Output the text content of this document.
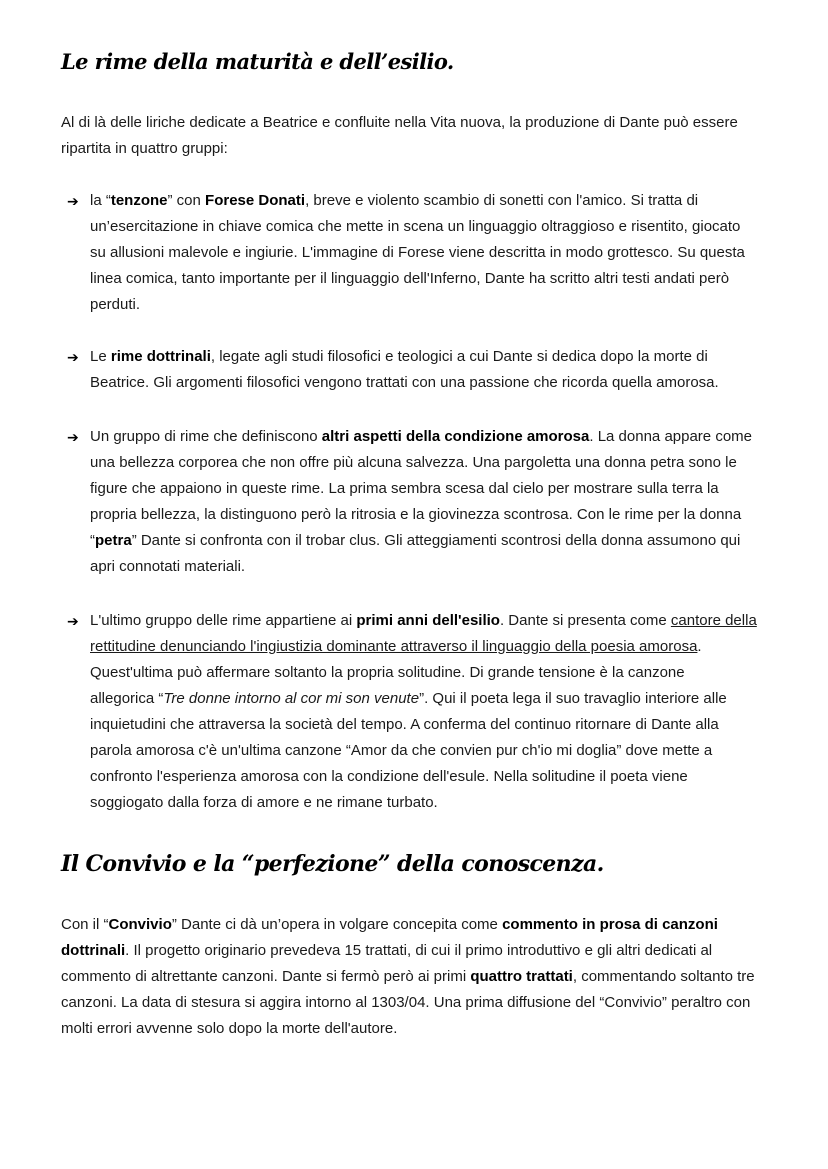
Le rime della maturità e dell’esilio.

Al di là delle liriche dedicate a Beatrice e confluite nella Vita nuova, la produzione di Dante può essere
ripartita in quattro gruppi:

➔ la “tenzone” con Forese Donati, breve e violento scambio di sonetti con l'amico. Si tratta di
un’esercitazione in chiave comica che mette in scena un linguaggio oltraggioso e risentito, giocato
su allusioni malevole e ingiurie. L'immagine di Forese viene descritta in modo grottesco. Su questa
linea comica, tanto importante per il linguaggio dell'Inferno, Dante ha scritto altri testi andati però
perduti.

➔ Le rime dottrinali, legate agli studi filosofici e teologici a cui Dante si dedica dopo la morte di
Beatrice. Gli argomenti filosofici vengono trattati con una passione che ricorda quella amorosa.

➔ Un gruppo di rime che definiscono altri aspetti della condizione amorosa. La donna appare come
una bellezza corporea che non offre più alcuna salvezza. Una pargoletta una donna petra sono le
figure che appaiono in queste rime. La prima sembra scesa dal cielo per mostrare sulla terra la
propria bellezza, la distinguono però la ritrosia e la giovinezza scontrosa. Con le rime per la donna
“petra” Dante si confronta con il trobar clus. Gli atteggiamenti scontrosi della donna assumono qui
apri connotati materiali.

➔ L'ultimo gruppo delle rime appartiene ai primi anni dell'esilio. Dante si presenta come cantore della
rettitudine denunciando l'ingiustizia dominante attraverso il linguaggio della poesia amorosa.
Quest'ultima può affermare soltanto la propria solitudine. Di grande tensione è la canzone
allegorica “Tre donne intorno al cor mi son venute”. Qui il poeta lega il suo travaglio interiore alle
inquietudini che attraversa la società del tempo. A conferma del continuo ritornare di Dante alla
parola amorosa c'è un'ultima canzone “Amor da che convien pur ch'io mi doglia” dove mette a
confronto l'esperienza amorosa con la condizione dell'esule. Nella solitudine il poeta viene
soggiogato dalla forza di amore e ne rimane turbato.

Il Convivio e la “perfezione” della conoscenza.

Con il “Convivio” Dante ci dà un’opera in volgare concepita come commento in prosa di canzoni
dottrinali. Il progetto originario prevedeva 15 trattati, di cui il primo introduttivo e gli altri dedicati al
commento di altrettante canzoni. Dante si fermò però ai primi quattro trattati, commentando soltanto tre
canzoni. La data di stesura si aggira intorno al 1303/04. Una prima diffusione del “Convivio” peraltro con
molti errori avvenne solo dopo la morte dell'autore.
